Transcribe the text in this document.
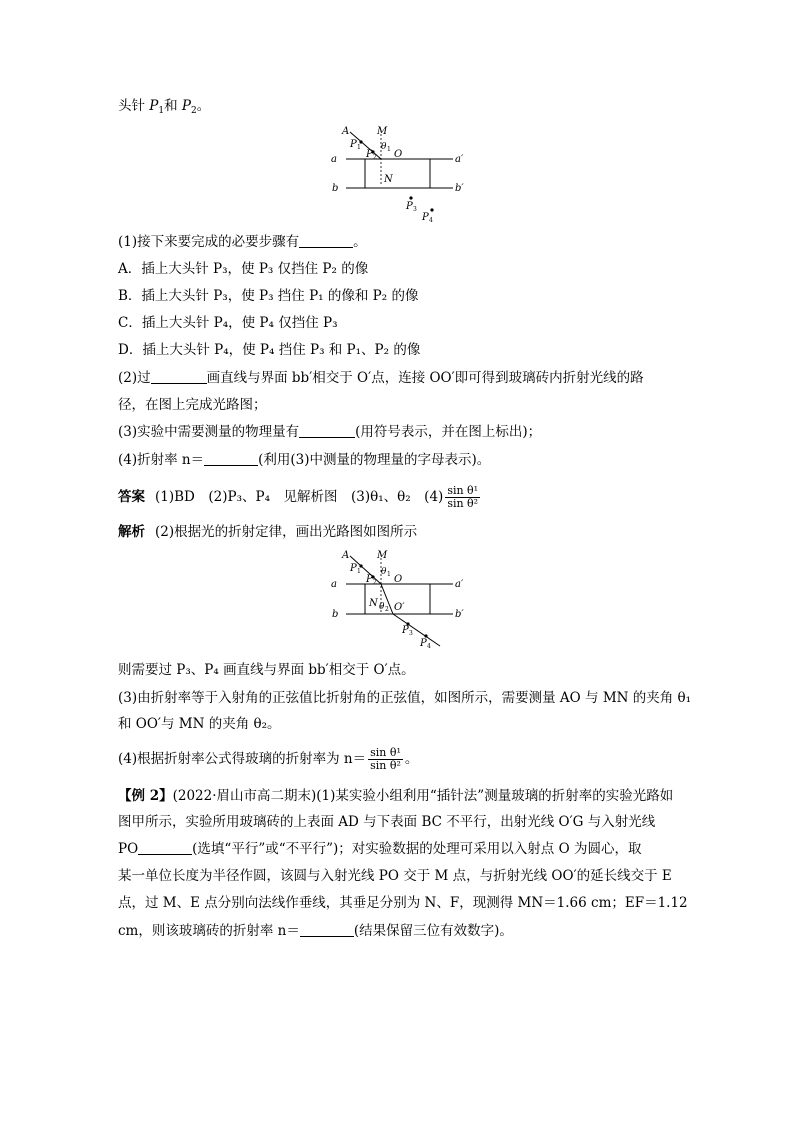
头针 $P_1$和 $P_2$。
A	M
P 1
P 2
θ 1 O
a	a′
N
b	b′
P 3
P 4
(1)接下来要完成的必要步骤有	。
A．插上大头针 P₃，使 P₃ 仅挡住 P₂ 的像
B．插上大头针 P₃，使 P₃ 挡住 P₁ 的像和 P₂ 的像
C．插上大头针 P₄，使 P₄ 仅挡住 P₃
D．插上大头针 P₄，使 P₄ 挡住 P₃ 和 P₁、P₂ 的像
(2)过	画直线与界面 bb′相交于 O′点，连接 OO′即可得到玻璃砖内折射光线的路
径，在图上完成光路图；
(3)实验中需要测量的物理量有	(用符号表示，并在图上标出)；
(4)折射率 n＝	(利用(3)中测量的物理量的字母表示)。
答案 (1)BD　(2)P₃、P₄　见解析图　(3)θ₁、θ₂　$(4) \frac{\text{sin θ¹}}{\text{sin θ²}}$
解析 (2)根据光的折射定律，画出光路图如图所示
A	M
P 1
P 2
θ 1 O
a	a′
N θ 2 O′
b	b′
P 3
P 4
则需要过 P₃、P₄ 画直线与界面 bb′相交于 O′点。
(3)由折射率等于入射角的正弦值比折射角的正弦值，如图所示，需要测量 AO 与 MN 的夹角 θ₁
和 OO′与 MN 的夹角 θ₂。
(4)根据折射率公式得玻璃的折射率为 $n= \frac{\text{sin θ¹}}{\text{sin θ²}}$ 。
【例 2】(2022·眉山市高二期末)(1)某实验小组利用“插针法”测量玻璃的折射率的实验光路如
图甲所示，实验所用玻璃砖的上表面 AD 与下表面 BC 不平行，出射光线 O′G 与入射光线
PO	(选填“平行”或“不平行”)；对实验数据的处理可采用以入射点 O 为圆心，取
某一单位长度为半径作圆，该圆与入射光线 PO 交于 M 点，与折射光线 OO′的延长线交于 E
点，过 M、E 点分别向法线作垂线，其垂足分别为 N、F，现测得 MN＝1.66 cm；EF＝1.12
cm，则该玻璃砖的折射率 n＝	(结果保留三位有效数字)。
